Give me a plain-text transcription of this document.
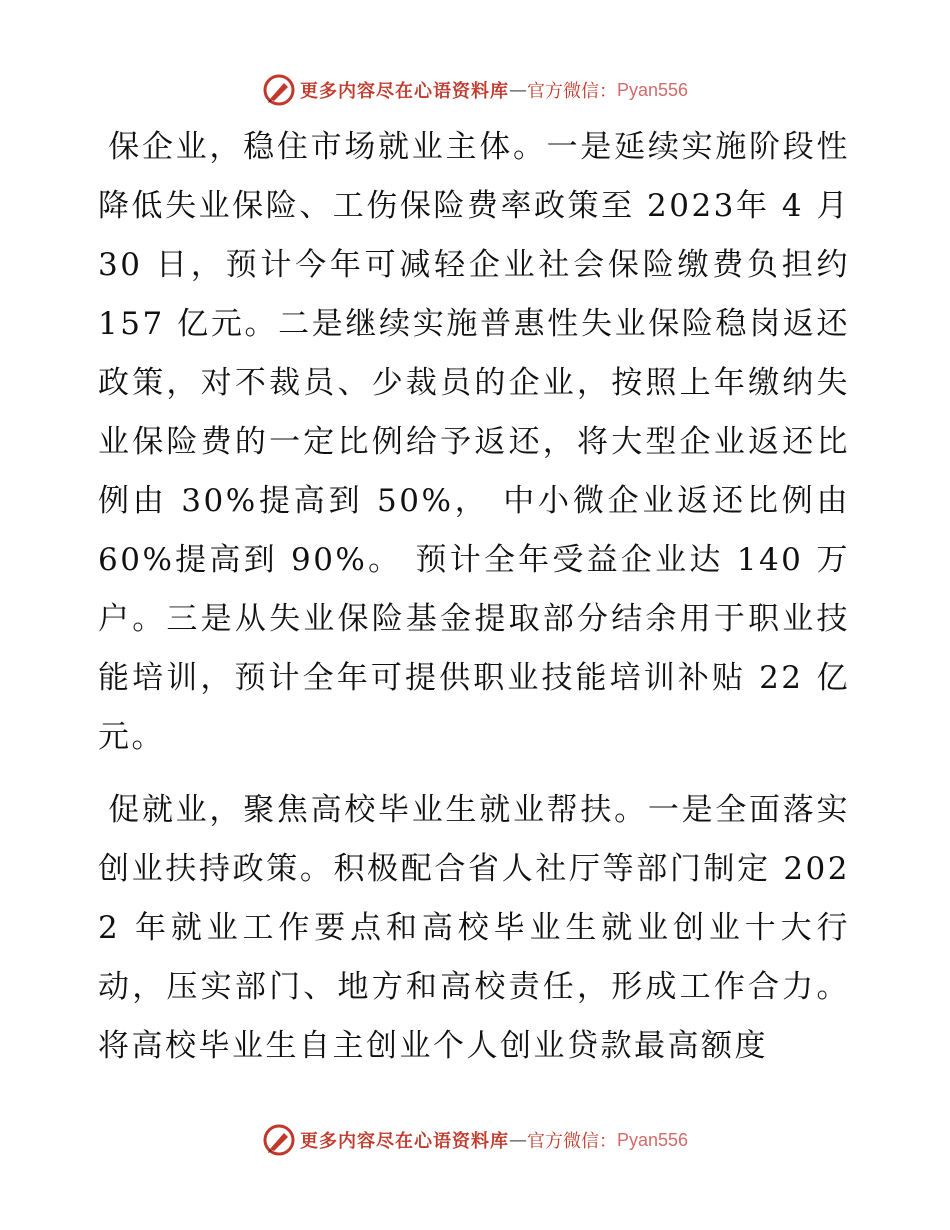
更多内容尽在心语资料库 — 官方微信： Pyan556

保企业，稳住市场就业主体。一是延续实施阶段性降低失业保险、工伤保险费率政策至 2023年 4 月 30 日，预计今年可减轻企业社会保险缴费负担约 157 亿元。二是继续实施普惠性失业保险稳岗返还政策，对不裁员、少裁员的企业，按照上年缴纳失业保险费的一定比例给予返还，将大型企业返还比例由 30%提高到 50%， 中小微企业返还比例由 60%提高到 90%。 预计全年受益企业达 140 万户。三是从失业保险基金提取部分结余用于职业技能培训，预计全年可提供职业技能培训补贴 22 亿元。

促就业，聚焦高校毕业生就业帮扶。一是全面落实创业扶持政策。积极配合省人社厅等部门制定 2022 年就业工作要点和高校毕业生就业创业十大行动，压实部门、地方和高校责任，形成工作合力。将高校毕业生自主创业个人创业贷款最高额度

更多内容尽在心语资料库 — 官方微信： Pyan556
